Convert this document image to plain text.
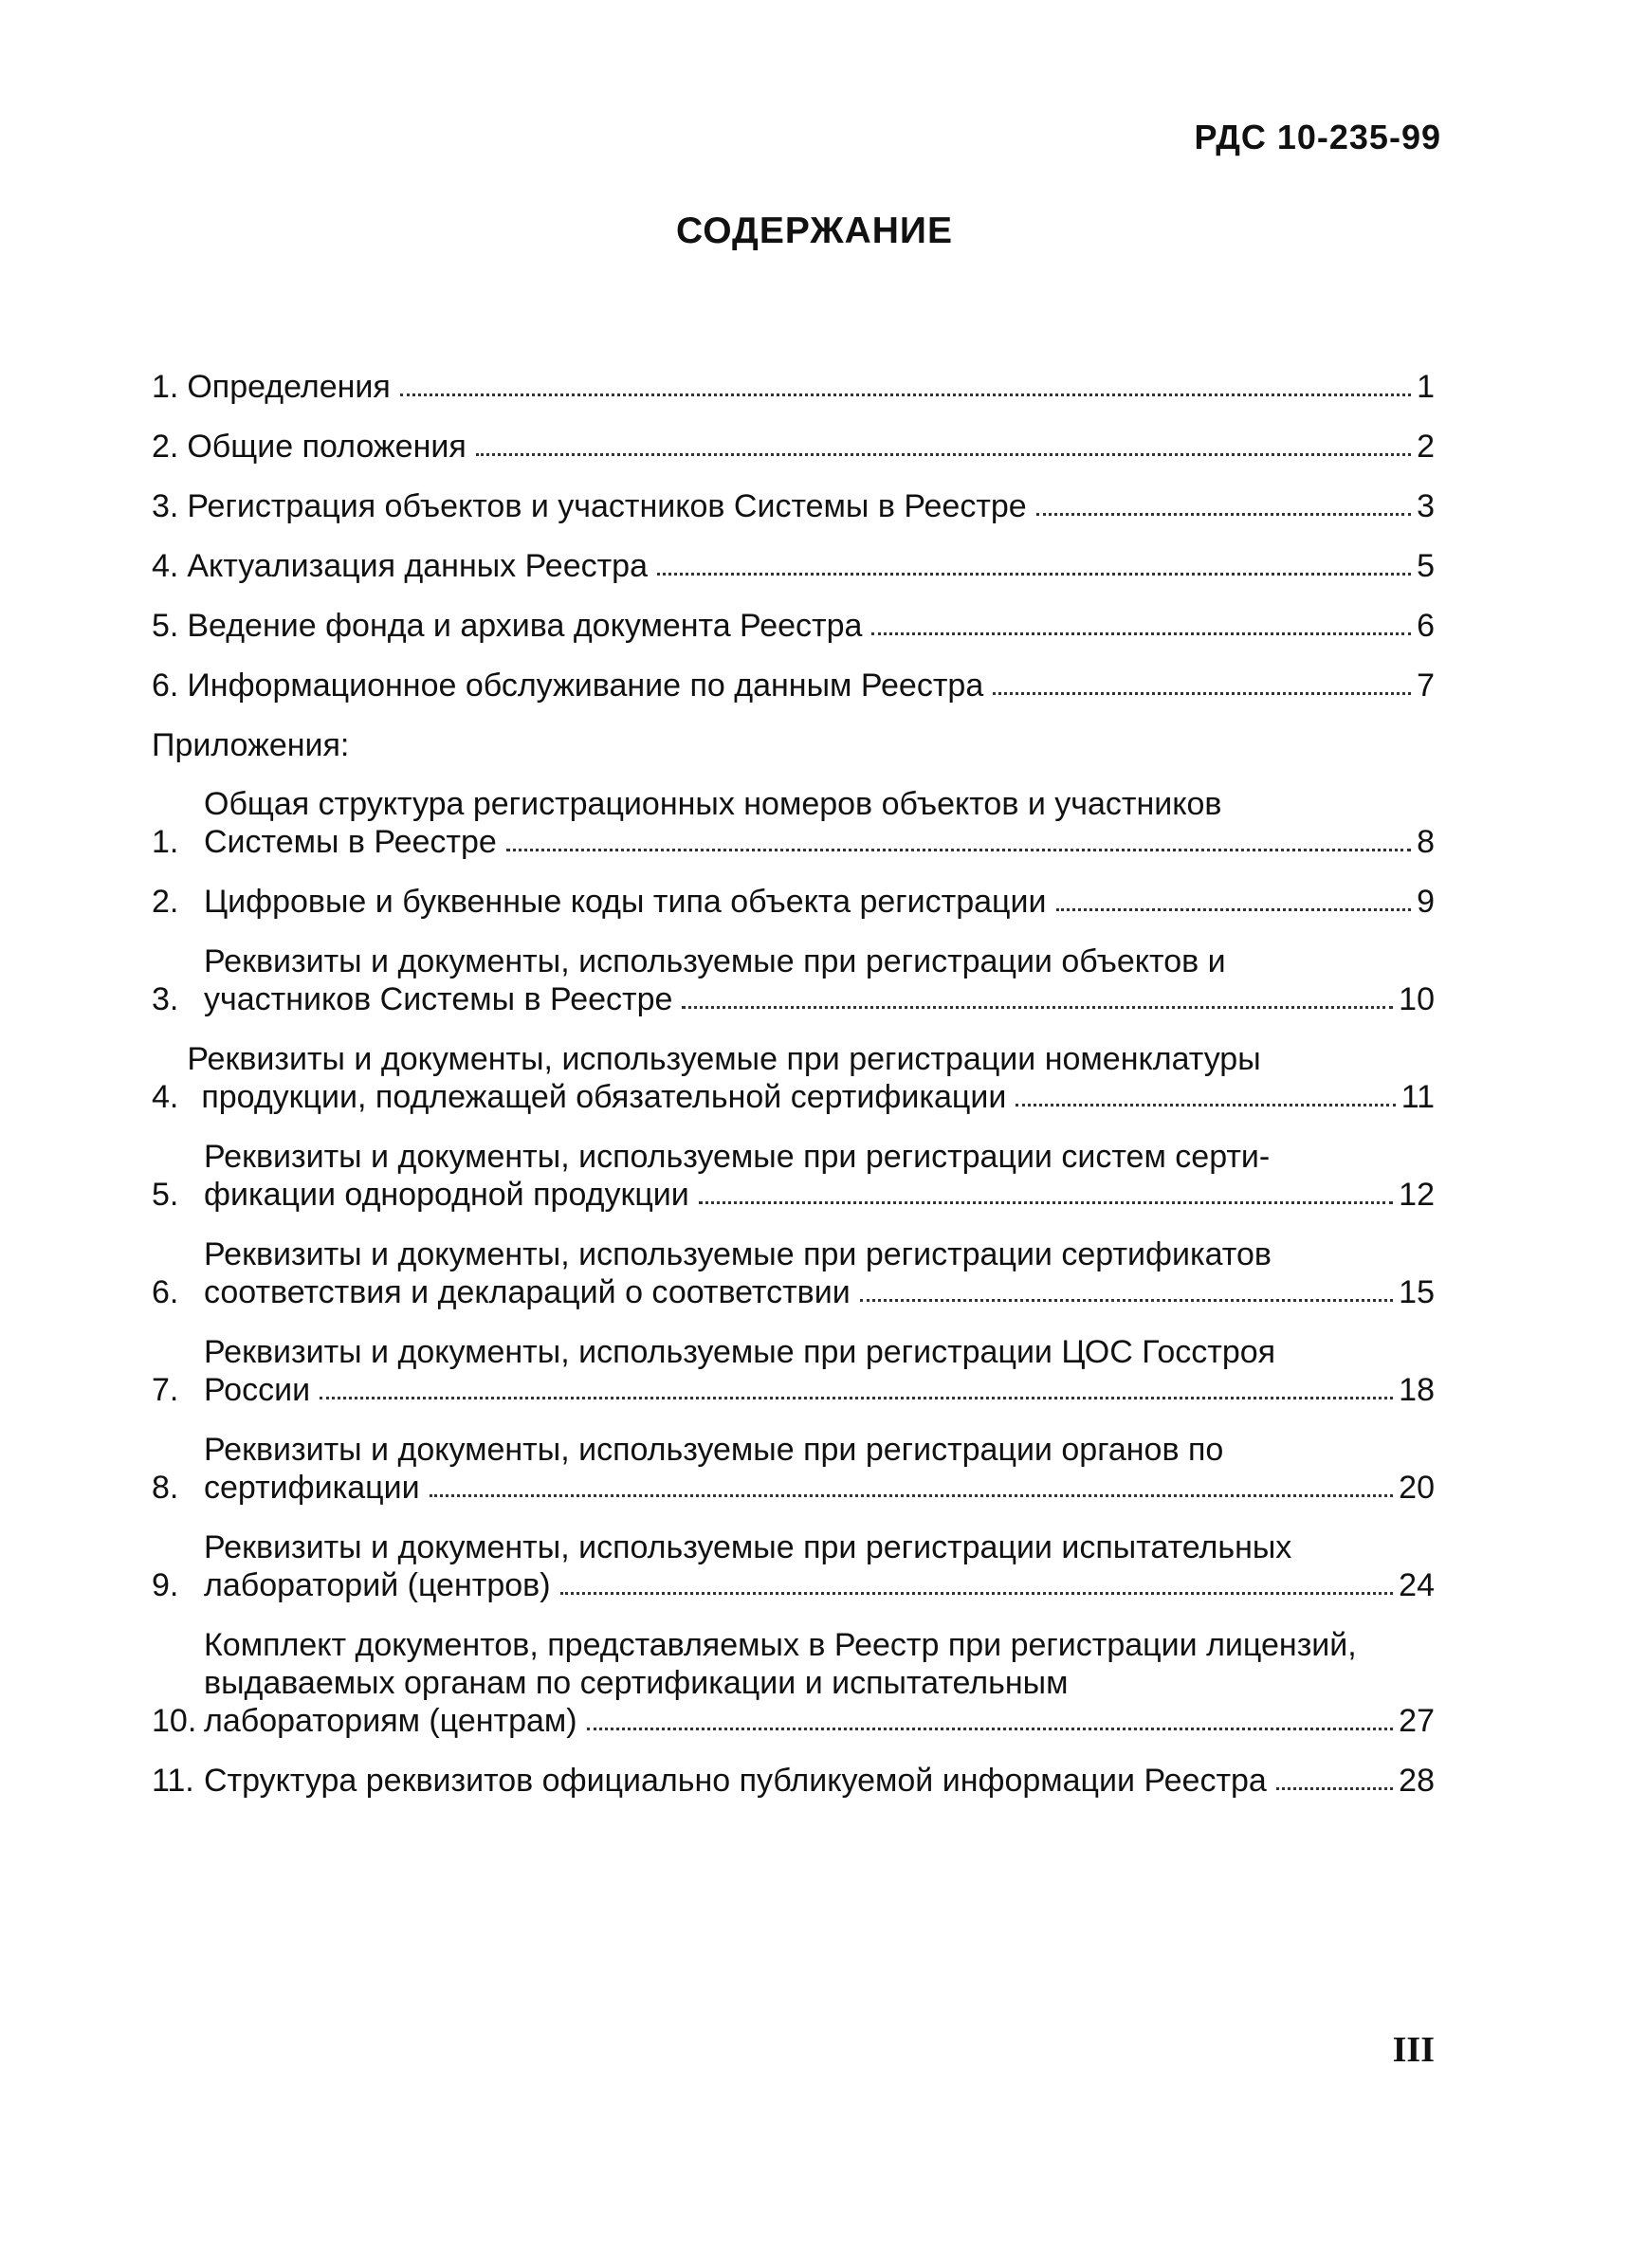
РДС 10-235-99
СОДЕРЖАНИЕ
1. Определения	1
2. Общие положения	2
3. Регистрация объектов и участников Системы в Реестре	3
4. Актуализация данных Реестра	5
5. Ведение фонда и архива документа Реестра	6
6. Информационное обслуживание по данным Реестра	7
Приложения:
1.
Общая структура регистрационных номеров объектов и участников
Системы в Реестре	8
2. Цифровые и буквенные коды типа объекта регистрации	9
3.
Реквизиты и документы, используемые при регистрации объектов и
участников Системы в Реестре	10
4.
Реквизиты и документы, используемые при регистрации номенклатуры
продукции, подлежащей обязательной сертификации	11
5.
Реквизиты и документы, используемые при регистрации систем серти-
фикации однородной продукции	12
6.
Реквизиты и документы, используемые при регистрации сертификатов
соответствия и деклараций о соответствии	15
7.
Реквизиты и документы, используемые при регистрации ЦОС Госстроя
России	18
8.
Реквизиты и документы, используемые при регистрации органов по
сертификации	20
9.
Реквизиты и документы, используемые при регистрации испытательных
лабораторий (центров)	24
10.
Комплект документов, представляемых в Реестр при регистрации лицензий, выдаваемых органам по сертификации и испытательным
лабораториям (центрам)	27
11. Структура реквизитов официально публикуемой информации Реестра	28
III
